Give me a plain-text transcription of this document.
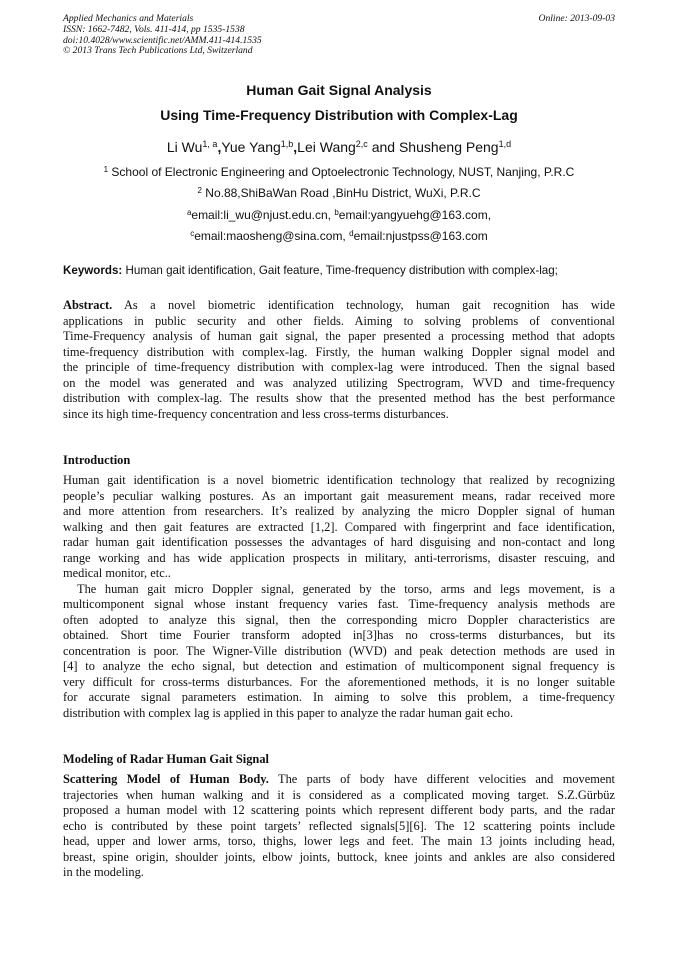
Applied Mechanics and Materials
ISSN: 1662-7482, Vols. 411-414, pp 1535-1538
doi:10.4028/www.scientific.net/AMM.411-414.1535
© 2013 Trans Tech Publications Ltd, Switzerland
Online: 2013-09-03
Human Gait Signal Analysis
Using Time-Frequency Distribution with Complex-Lag
Li Wu$^{1, a}$,Yue Yang$^{1,b}$,Lei Wang$^{2,c}$ and Shusheng Peng$^{1,d}$
$^1$ School of Electronic Engineering and Optoelectronic Technology, NUST, Nanjing, P.R.C
$^2$ No.88,ShiBaWan Road ,BinHu District, WuXi, P.R.C
$^a$email:li_wu@njust.edu.cn, $^b$email:yangyuehg@163.com,
$^c$email:maosheng@sina.com, $^d$email:njustpss@163.com
Keywords: Human gait identification, Gait feature, Time-frequency distribution with complex-lag;
Abstract. As a novel biometric identification technology, human gait recognition has wide
applications in public security and other fields. Aiming to solving problems of conventional
Time-Frequency analysis of human gait signal, the paper presented a processing method that adopts
time-frequency distribution with complex-lag. Firstly, the human walking Doppler signal model and
the principle of time-frequency distribution with complex-lag were introduced. Then the signal based
on the model was generated and was analyzed utilizing Spectrogram, WVD and time-frequency
distribution with complex-lag. The results show that the presented method has the best performance
since its high time-frequency concentration and less cross-terms disturbances.
Introduction
Human gait identification is a novel biometric identification technology that realized by recognizing
people’s peculiar walking postures. As an important gait measurement means, radar received more
and more attention from researchers. It’s realized by analyzing the micro Doppler signal of human
walking and then gait features are extracted [1,2]. Compared with fingerprint and face identification,
radar human gait identification possesses the advantages of hard disguising and non-contact and long
range working and has wide application prospects in military, anti-terrorisms, disaster rescuing, and
medical monitor, etc..
The human gait micro Doppler signal, generated by the torso, arms and legs movement, is a
multicomponent signal whose instant frequency varies fast. Time-frequency analysis methods are
often adopted to analyze this signal, then the corresponding micro Doppler characteristics are
obtained. Short time Fourier transform adopted in[3]has no cross-terms disturbances, but its
concentration is poor. The Wigner-Ville distribution (WVD) and peak detection methods are used in
[4] to analyze the echo signal, but detection and estimation of multicomponent signal frequency is
very difficult for cross-terms disturbances. For the aforementioned methods, it is no longer suitable
for accurate signal parameters estimation. In aiming to solve this problem, a time-frequency
distribution with complex lag is applied in this paper to analyze the radar human gait echo.
Modeling of Radar Human Gait Signal
Scattering Model of Human Body. The parts of body have different velocities and movement
trajectories when human walking and it is considered as a complicated moving target. S.Z.Gürbüz
proposed a human model with 12 scattering points which represent different body parts, and the radar
echo is contributed by these point targets’ reflected signals[5][6]. The 12 scattering points include
head, upper and lower arms, torso, thighs, lower legs and feet. The main 13 joints including head,
breast, spine origin, shoulder joints, elbow joints, buttock, knee joints and ankles are also considered
in the modeling.
